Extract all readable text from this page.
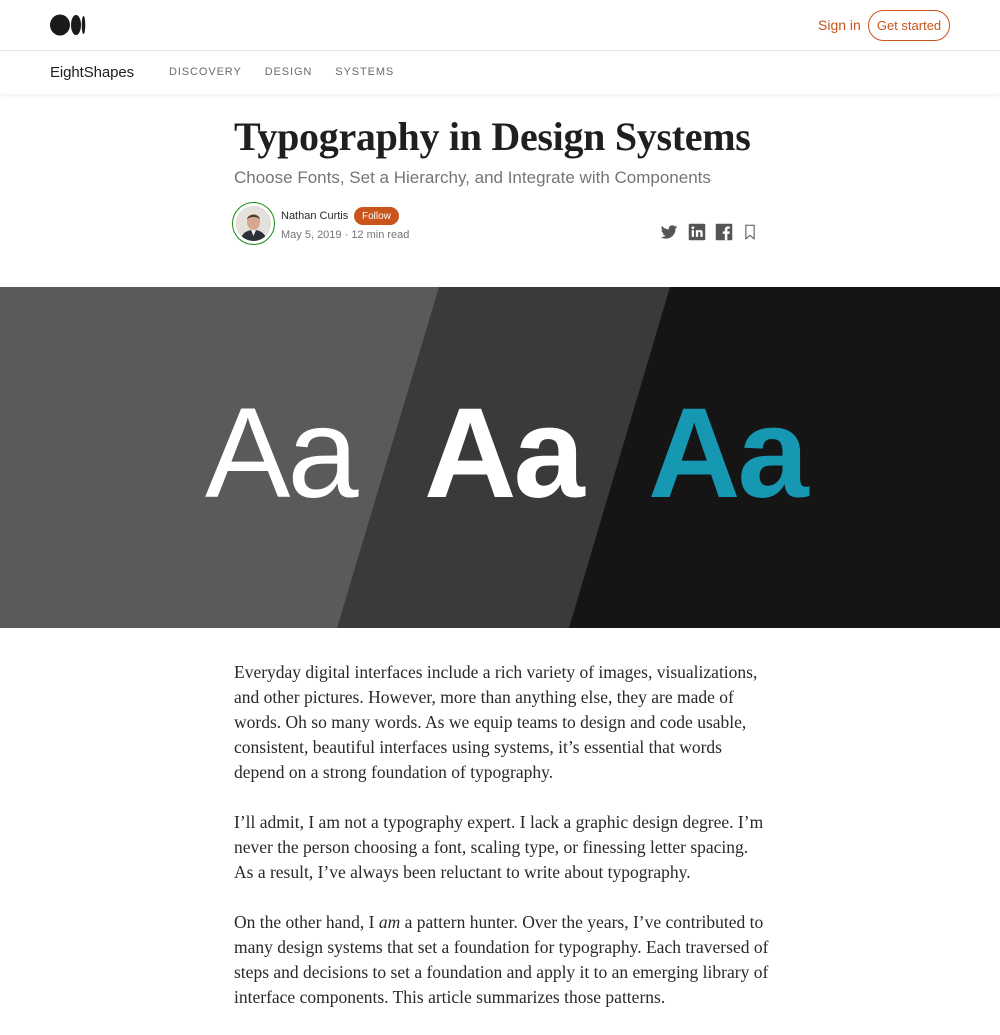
Sign in	Get started
EightShapes	DISCOVERY DESIGN SYSTEMS
Typography in Design Systems
Choose Fonts, Set a Hierarchy, and Integrate with Components
Nathan Curtis	Follow
May 5, 2019 · 12 min read
Aa Aa Aa

Everyday digital interfaces include a rich variety of images, visualizations, and other pictures. However, more than anything else, they are made of words. Oh so many words. As we equip teams to design and code usable, consistent, beautiful interfaces using systems, it’s essential that words depend on a strong foundation of typography.

I’ll admit, I am not a typography expert. I lack a graphic design degree. I’m never the person choosing a font, scaling type, or finessing letter spacing. As a result, I’ve always been reluctant to write about typography.

On the other hand, I am a pattern hunter. Over the years, I’ve contributed to many design systems that set a foundation for typography. Each traversed of steps and decisions to set a foundation and apply it to an emerging library of interface components. This article summarizes those patterns.
